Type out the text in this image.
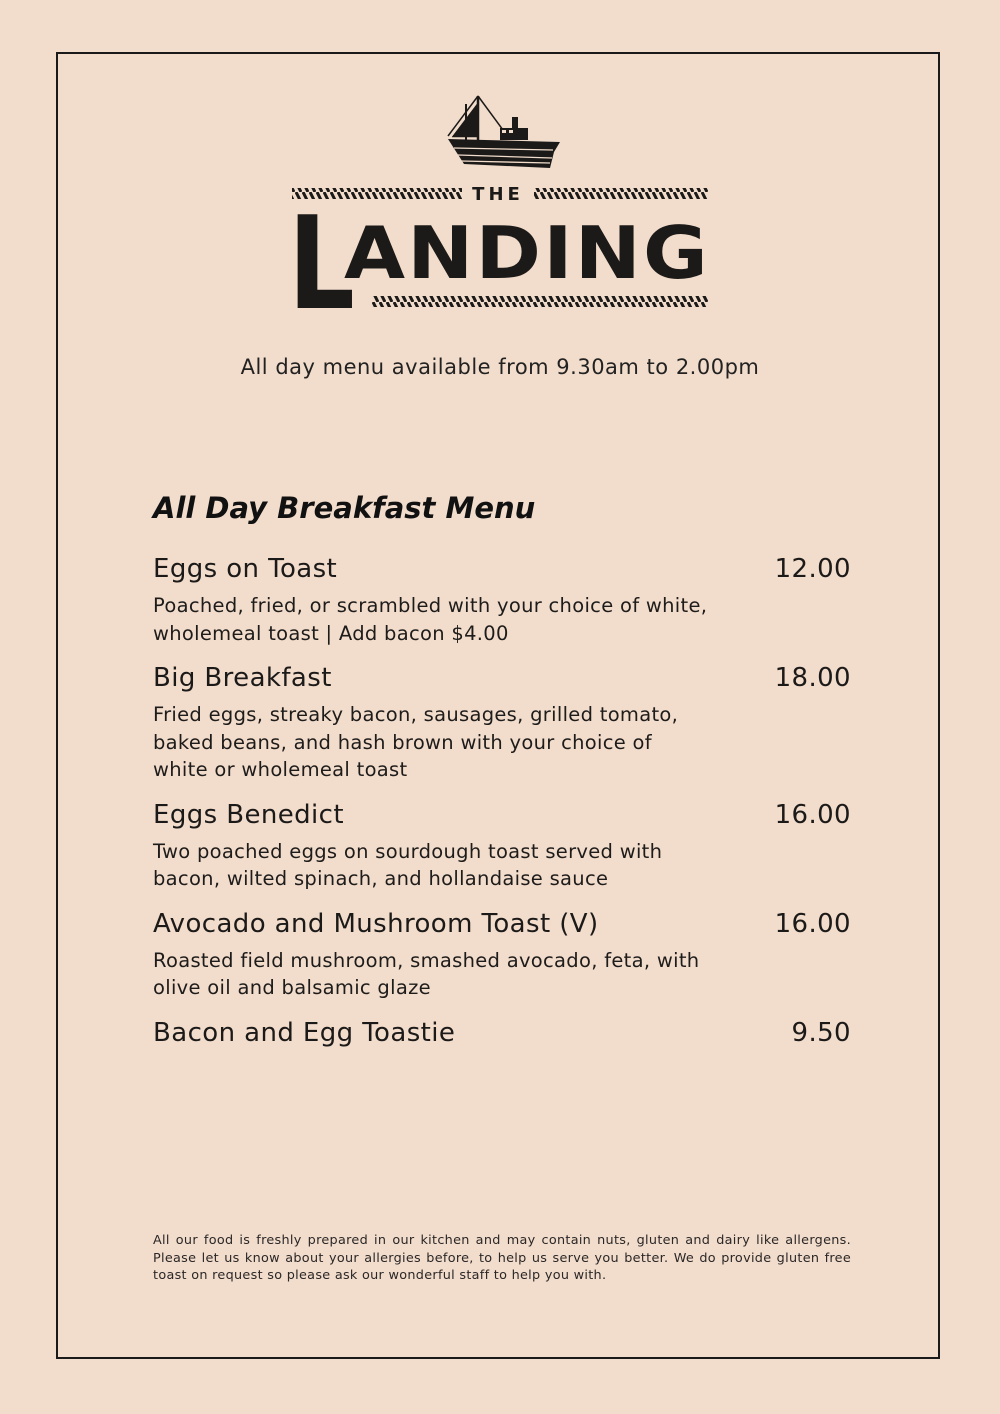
THE
L
ANDING
All day menu available from 9.30am to 2.00pm
All Day Breakfast Menu
Eggs on Toast	12.00
Poached, fried, or scrambled with your choice of white, wholemeal toast | Add bacon $4.00
Big Breakfast	18.00
Fried eggs, streaky bacon, sausages, grilled tomato, baked beans, and hash brown with your choice of white or wholemeal toast
Eggs Benedict	16.00
Two poached eggs on sourdough toast served with bacon, wilted spinach, and hollandaise sauce
Avocado and Mushroom Toast (V)	16.00
Roasted field mushroom, smashed avocado, feta, with olive oil and balsamic glaze
Bacon and Egg Toastie	9.50
All our food is freshly prepared in our kitchen and may contain nuts, gluten and dairy like allergens. Please let us know about your allergies before, to help us serve you better. We do provide gluten free toast on request so please ask our wonderful staff to help you with.
